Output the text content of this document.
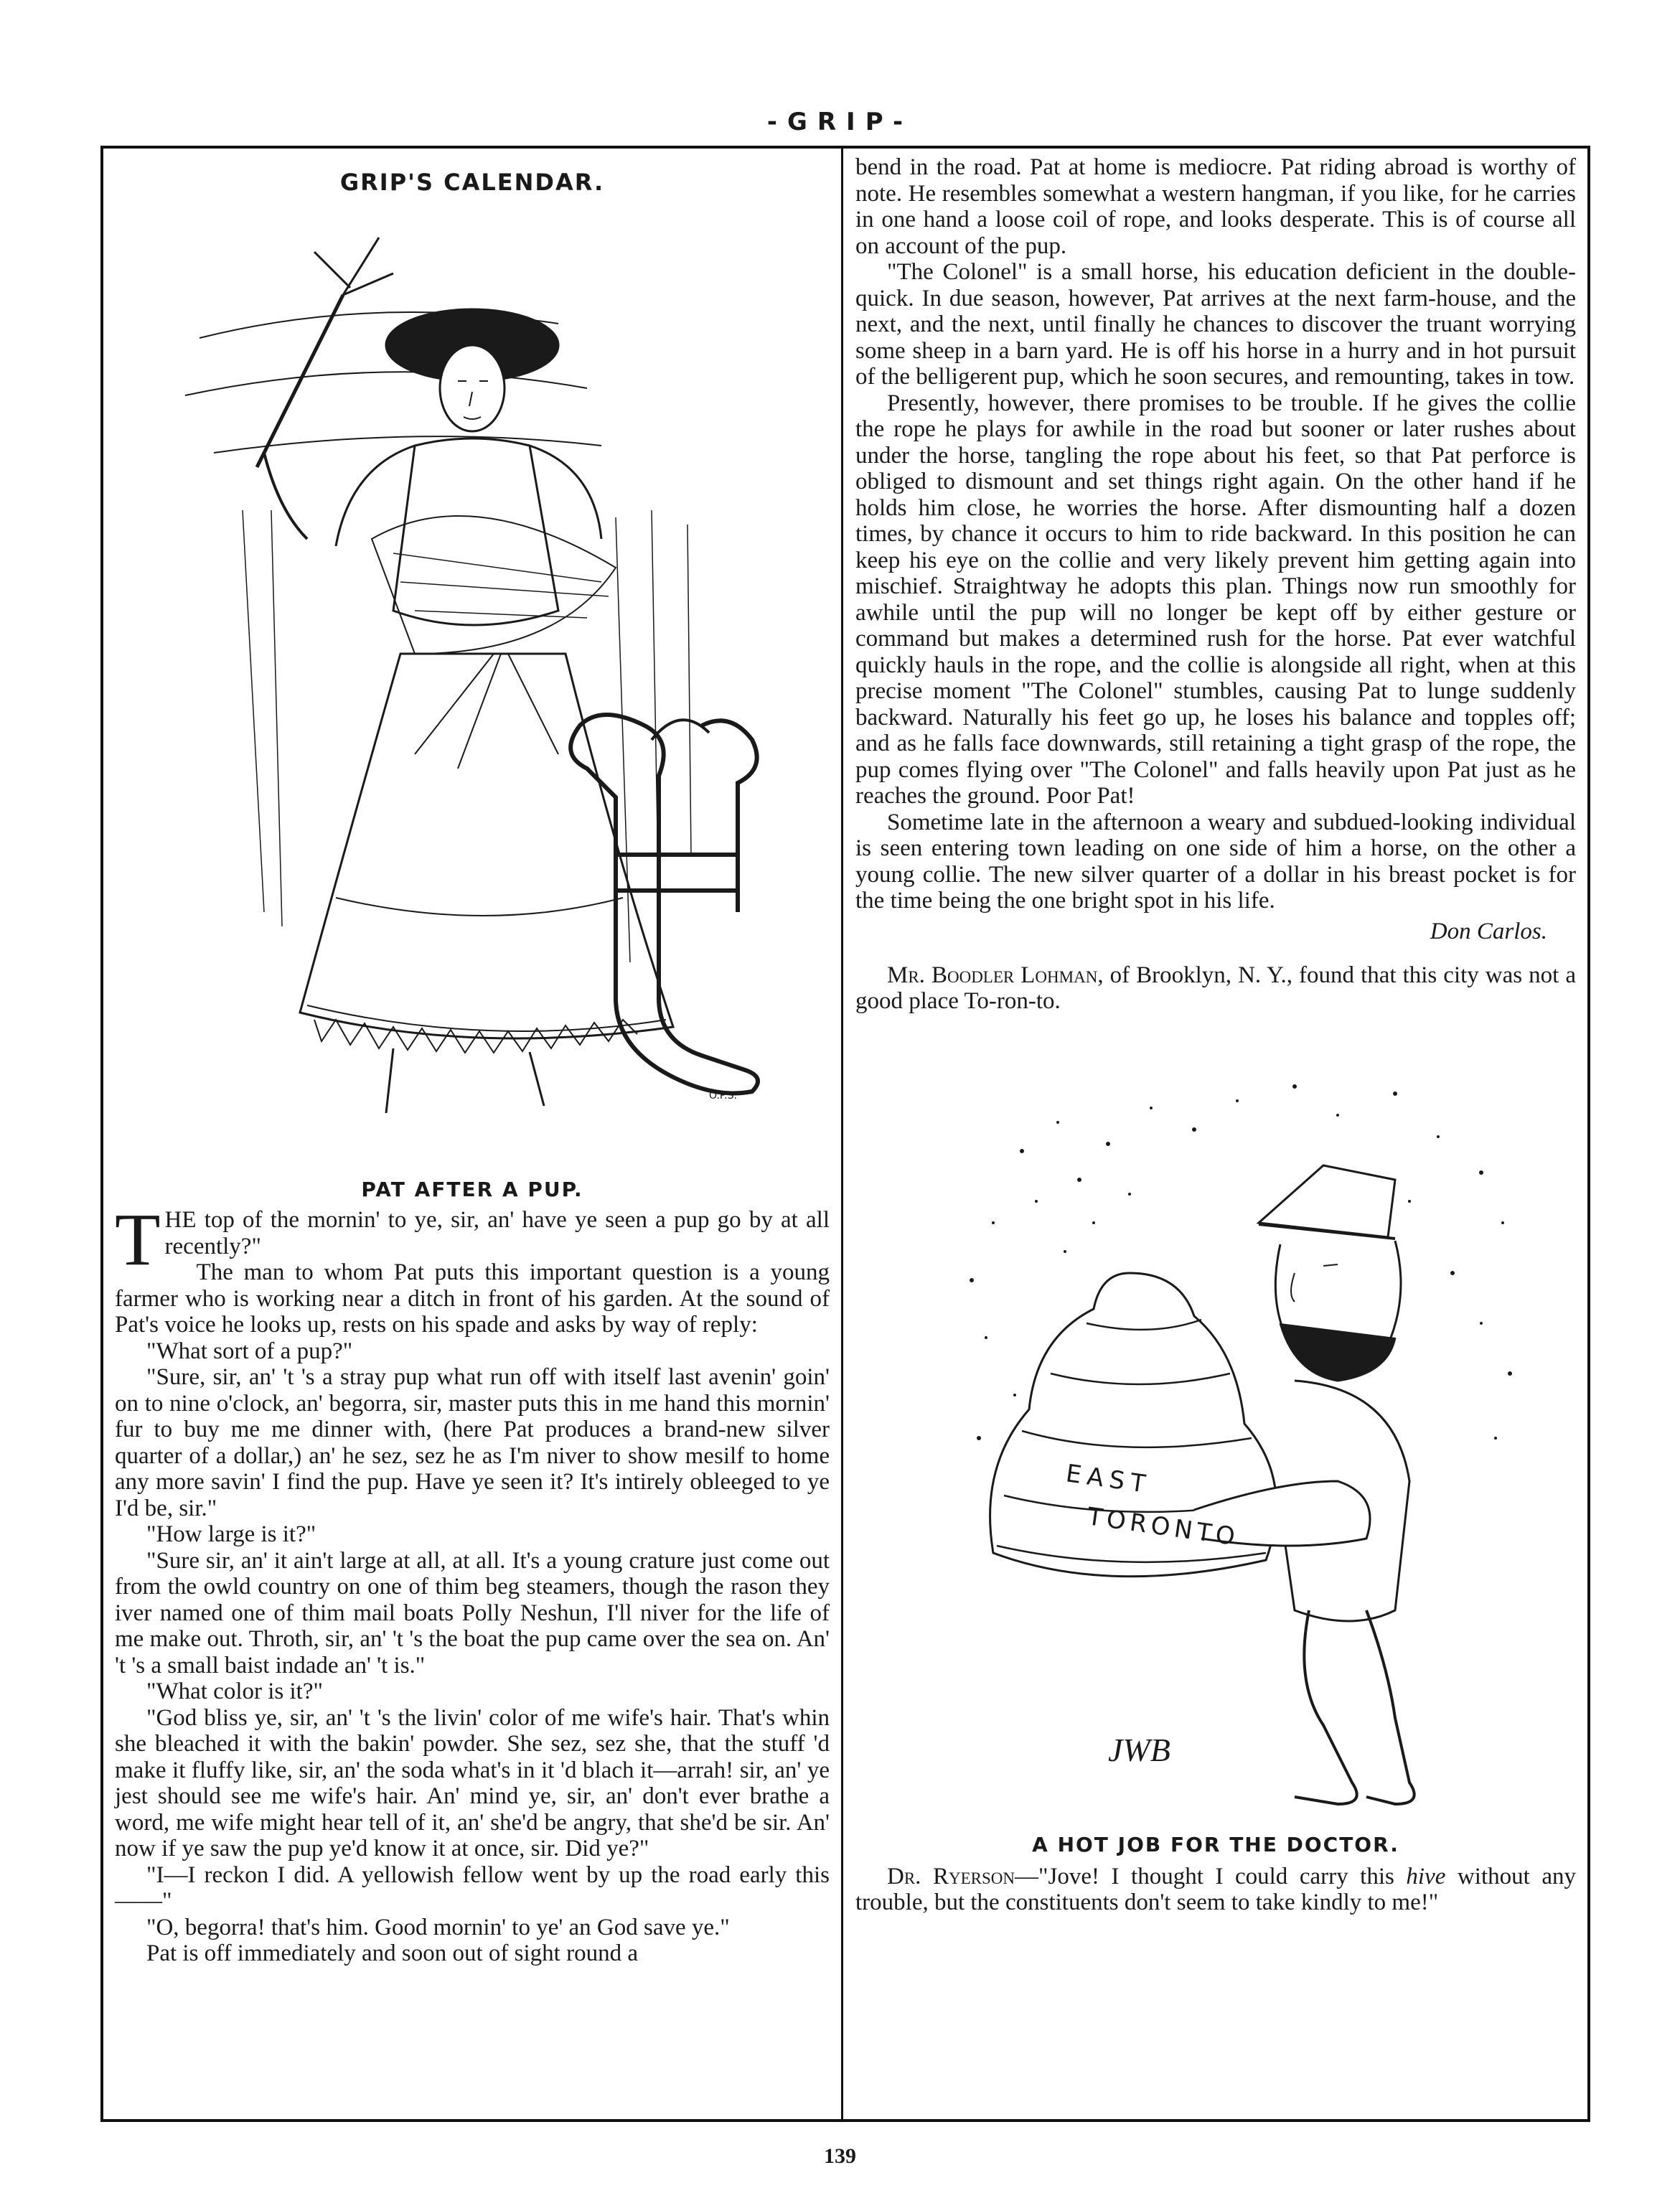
-GRIP-
GRIP'S CALENDAR.
O.P.S.
PAT AFTER A PUP.

THE top of the mornin' to ye, sir, an' have ye seen a pup go by at all recently?"

The man to whom Pat puts this important question is a young farmer who is working near a ditch in front of his garden. At the sound of Pat's voice he looks up, rests on his spade and asks by way of reply:

"What sort of a pup?"

"Sure, sir, an' 't 's a stray pup what run off with itself last avenin' goin' on to nine o'clock, an' begorra, sir, master puts this in me hand this mornin' fur to buy me me dinner with, (here Pat produces a brand-new silver quarter of a dollar,) an' he sez, sez he as I'm niver to show mesilf to home any more savin' I find the pup. Have ye seen it? It's intirely obleeged to ye I'd be, sir."

"How large is it?"

"Sure sir, an' it ain't large at all, at all. It's a young crature just come out from the owld country on one of thim beg steamers, though the rason they iver named one of thim mail boats Polly Neshun, I'll niver for the life of me make out. Throth, sir, an' 't 's the boat the pup came over the sea on. An' 't 's a small baist indade an' 't is."

"What color is it?"

"God bliss ye, sir, an' 't 's the livin' color of me wife's hair. That's whin she bleached it with the bakin' powder. She sez, sez she, that the stuff 'd make it fluffy like, sir, an' the soda what's in it 'd blach it—arrah! sir, an' ye jest should see me wife's hair. An' mind ye, sir, an' don't ever brathe a word, me wife might hear tell of it, an' she'd be angry, that she'd be sir. An' now if ye saw the pup ye'd know it at once, sir. Did ye?"

"I—I reckon I did. A yellowish fellow went by up the road early this——"

"O, begorra! that's him. Good mornin' to ye' an God save ye."

Pat is off immediately and soon out of sight round a

bend in the road. Pat at home is mediocre. Pat riding abroad is worthy of note. He resembles somewhat a western hangman, if you like, for he carries in one hand a loose coil of rope, and looks desperate. This is of course all on account of the pup.

"The Colonel" is a small horse, his education deficient in the double-quick. In due season, however, Pat arrives at the next farm-house, and the next, and the next, until finally he chances to discover the truant worrying some sheep in a barn yard. He is off his horse in a hurry and in hot pursuit of the belligerent pup, which he soon secures, and remounting, takes in tow.

Presently, however, there promises to be trouble. If he gives the collie the rope he plays for awhile in the road but sooner or later rushes about under the horse, tangling the rope about his feet, so that Pat perforce is obliged to dismount and set things right again. On the other hand if he holds him close, he worries the horse. After dismounting half a dozen times, by chance it occurs to him to ride backward. In this position he can keep his eye on the collie and very likely prevent him getting again into mischief. Straightway he adopts this plan. Things now run smoothly for awhile until the pup will no longer be kept off by either gesture or command but makes a determined rush for the horse. Pat ever watchful quickly hauls in the rope, and the collie is alongside all right, when at this precise moment "The Colonel" stumbles, causing Pat to lunge suddenly backward. Naturally his feet go up, he loses his balance and topples off; and as he falls face downwards, still retaining a tight grasp of the rope, the pup comes flying over "The Colonel" and falls heavily upon Pat just as he reaches the ground. Poor Pat!

Sometime late in the afternoon a weary and subdued-looking individual is seen entering town leading on one side of him a horse, on the other a young collie. The new silver quarter of a dollar in his breast pocket is for the time being the one bright spot in his life.

Don Carlos.

Mr. Boodler Lohman, of Brooklyn, N. Y., found that this city was not a good place To-ron-to.

EAST
TORONTO
JWB
A HOT JOB FOR THE DOCTOR.

Dr. Ryerson—"Jove! I thought I could carry this hive without any trouble, but the constituents don't seem to take kindly to me!"

139
